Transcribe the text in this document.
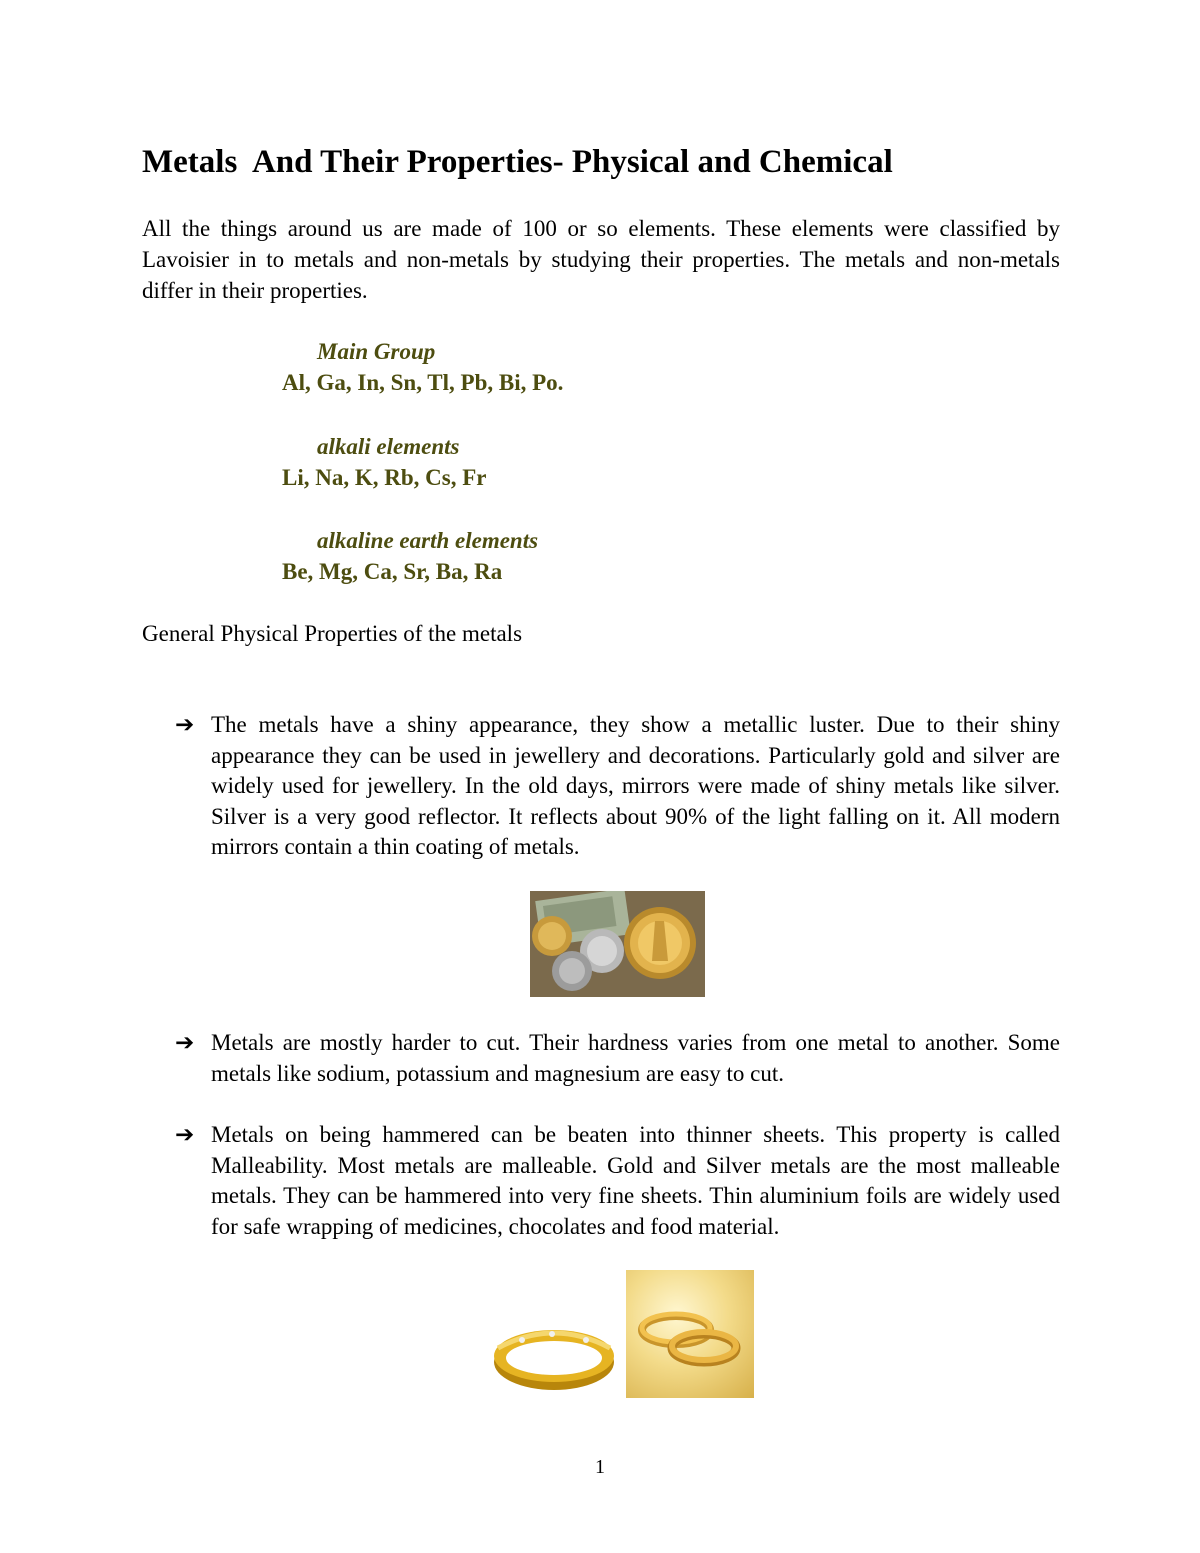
Metals  And Their Properties- Physical and Chemical

All the things around us are made of 100 or so elements. These elements were classified by Lavoisier in to metals and non-metals by studying their properties. The metals and non-metals differ in their properties.

Main Group
Al, Ga, In, Sn, Tl, Pb, Bi, Po.
alkali elements
Li, Na, K, Rb, Cs, Fr
alkaline earth elements
Be, Mg, Ca, Sr, Ba, Ra
General Physical Properties of the metals
➔ The metals have a shiny appearance, they show a metallic luster. Due to their shiny appearance they can be used in jewellery and decorations. Particularly gold and silver are widely used for jewellery. In the old days, mirrors were made of shiny metals like silver. Silver is a very good reflector. It reflects about 90% of the light falling on it. All modern mirrors contain a thin coating of metals.
➔ Metals are mostly harder to cut. Their hardness varies from one metal to another. Some metals like sodium, potassium and magnesium are easy to cut.
➔ Metals on being hammered can be beaten into thinner sheets. This property is called Malleability. Most metals are malleable. Gold and Silver metals are the most malleable metals. They can be hammered into very fine sheets. Thin aluminium foils are widely used for safe wrapping of medicines, chocolates and food material.
1
